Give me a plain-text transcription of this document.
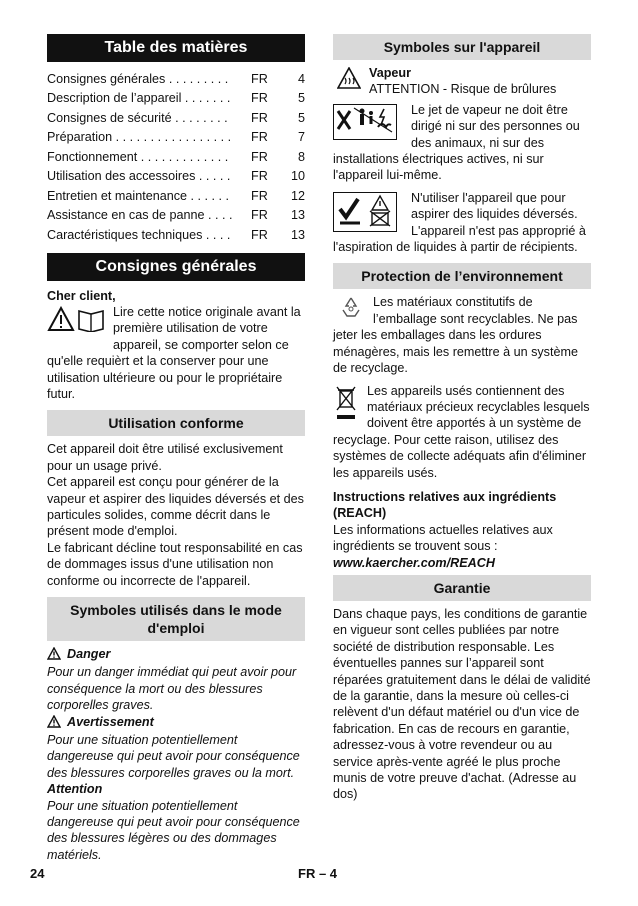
Table des matières
Consignes générales . . . . . . . . .	FR	4
Description de l’appareil . . . . . . .	FR	5
Consignes de sécurité . . . . . . . .	FR	5
Préparation . . . . . . . . . . . . . . . . .	FR	7
Fonctionnement . . . . . . . . . . . . .	FR	8
Utilisation des accessoires . . . . .	FR	10
Entretien et maintenance . . . . . .	FR	12
Assistance en cas de panne . . . .	FR	13
Caractéristiques techniques . . . .	FR	13
Consignes générales

Cher client,

Lire cette notice originale avant la première utilisation de votre appareil, se comporter selon ce qu'elle requièrt et la conserver pour une utilisation ultérieure ou pour le propriétaire futur.

Utilisation conforme

Cet appareil doit être utilisé exclusivement pour un usage privé.

Cet appareil est conçu pour générer de la vapeur et aspirer des liquides déversés et des particules solides, comme décrit dans le présent mode d'emploi.

Le fabricant décline tout responsabilité en cas de dommages issus d'une utilisation non conforme ou incorrecte de l'appareil.

Symboles utilisés dans le mode d'emploi

Danger

Pour un danger immédiat qui peut avoir pour conséquence la mort ou des blessures corporelles graves.

Avertissement

Pour une situation potentiellement dangereuse qui peut avoir pour conséquence des blessures corporelles graves ou la mort.

Attention

Pour une situation potentiellement dangereuse qui peut avoir pour conséquence des blessures légères ou des dommages matériels.

Symboles sur l'appareil

Vapeur

ATTENTION - Risque de brûlures

Le jet de vapeur ne doit être dirigé ni sur des personnes ou des animaux, ni sur des installations électriques actives, ni sur l'appareil lui-même.

N'utiliser l'appareil que pour aspirer des liquides déversés. L'appareil n'est pas approprié à l'aspiration de liquides à partir de récipients.

Protection de l’environnement

Les matériaux constitutifs de l’emballage sont recyclables. Ne pas jeter les emballages dans les ordures ménagères, mais les remettre à un système de recyclage.

Les appareils usés contiennent des matériaux précieux recyclables lesquels doivent être apportés à un système de recyclage. Pour cette raison, utilisez des systèmes de collecte adéquats afin d'éliminer les appareils usés.

Instructions relatives aux ingrédients (REACH)

Les informations actuelles relatives aux ingrédients se trouvent sous :

www.kaercher.com/REACH

Garantie

Dans chaque pays, les conditions de garantie en vigueur sont celles publiées par notre société de distribution responsable. Les éventuelles pannes sur l’appareil sont réparées gratuitement dans le délai de validité de la garantie, dans la mesure où celles-ci relèvent d'un défaut matériel ou d'un vice de fabrication. En cas de recours en garantie, adressez-vous à votre revendeur ou au service après-vente agréé le plus proche munis de votre preuve d'achat. (Adresse au dos)

24	FR – 4
